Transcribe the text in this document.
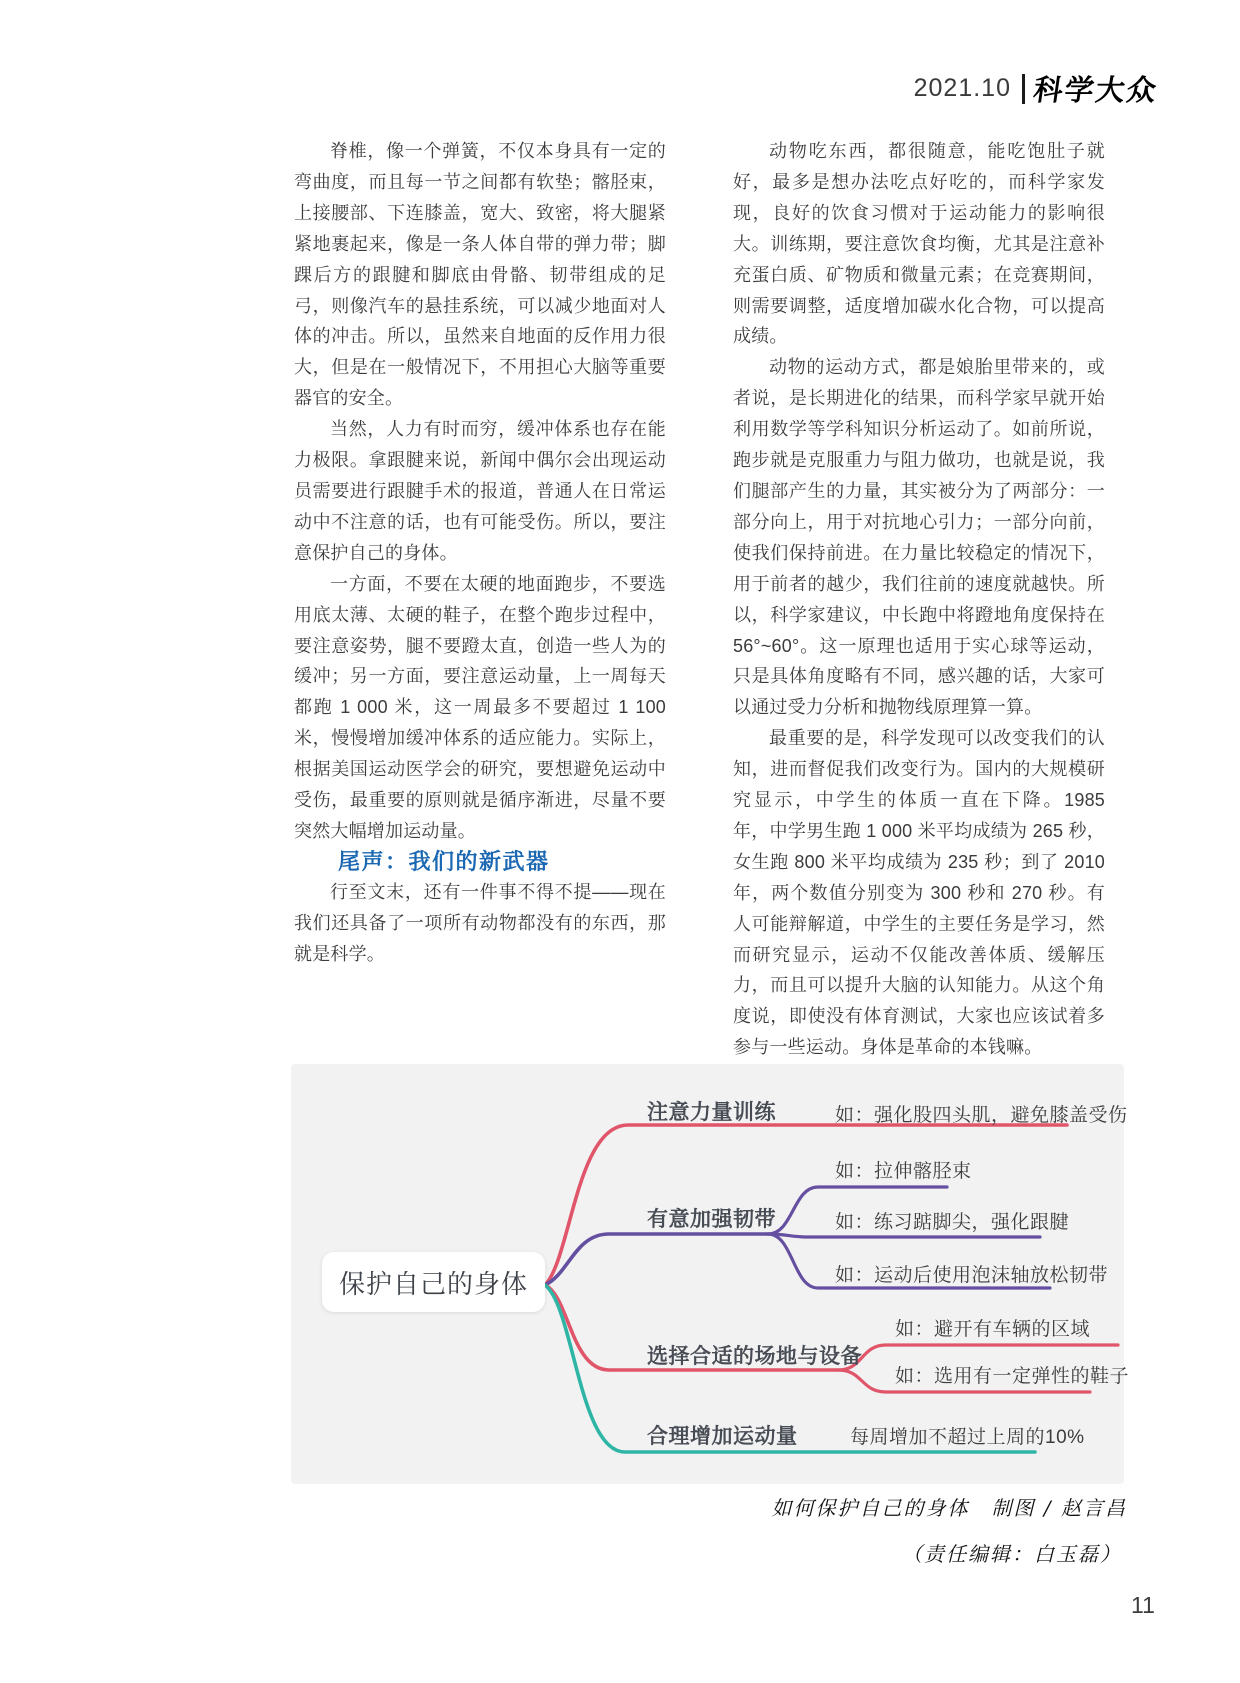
2021.10 科学大众

脊椎，像一个弹簧，不仅本身具有一定的弯曲度，而且每一节之间都有软垫；髂胫束，上接腰部、下连膝盖，宽大、致密，将大腿紧紧地裹起来，像是一条人体自带的弹力带；脚踝后方的跟腱和脚底由骨骼、韧带组成的足弓，则像汽车的悬挂系统，可以减少地面对人体的冲击。所以，虽然来自地面的反作用力很大，但是在一般情况下，不用担心大脑等重要器官的安全。

当然，人力有时而穷，缓冲体系也存在能力极限。拿跟腱来说，新闻中偶尔会出现运动员需要进行跟腱手术的报道，普通人在日常运动中不注意的话，也有可能受伤。所以，要注意保护自己的身体。

一方面，不要在太硬的地面跑步，不要选用底太薄、太硬的鞋子，在整个跑步过程中，要注意姿势，腿不要蹬太直，创造一些人为的缓冲；另一方面，要注意运动量，上一周每天都跑 1 000 米，这一周最多不要超过 1 100 米，慢慢增加缓冲体系的适应能力。实际上，根据美国运动医学会的研究，要想避免运动中受伤，最重要的原则就是循序渐进，尽量不要突然大幅增加运动量。

尾声：我们的新武器

行至文末，还有一件事不得不提——现在我们还具备了一项所有动物都没有的东西，那就是科学。

动物吃东西，都很随意，能吃饱肚子就好，最多是想办法吃点好吃的，而科学家发现，良好的饮食习惯对于运动能力的影响很大。训练期，要注意饮食均衡，尤其是注意补充蛋白质、矿物质和微量元素；在竞赛期间，则需要调整，适度增加碳水化合物，可以提高成绩。

动物的运动方式，都是娘胎里带来的，或者说，是长期进化的结果，而科学家早就开始利用数学等学科知识分析运动了。如前所说，跑步就是克服重力与阻力做功，也就是说，我们腿部产生的力量，其实被分为了两部分：一部分向上，用于对抗地心引力；一部分向前，使我们保持前进。在力量比较稳定的情况下，用于前者的越少，我们往前的速度就越快。所以，科学家建议，中长跑中将蹬地角度保持在56°~60°。这一原理也适用于实心球等运动，只是具体角度略有不同，感兴趣的话，大家可以通过受力分析和抛物线原理算一算。

最重要的是，科学发现可以改变我们的认知，进而督促我们改变行为。国内的大规模研究显示，中学生的体质一直在下降。1985 年，中学男生跑 1 000 米平均成绩为 265 秒，女生跑 800 米平均成绩为 235 秒；到了 2010 年，两个数值分别变为 300 秒和 270 秒。有人可能辩解道，中学生的主要任务是学习，然而研究显示，运动不仅能改善体质、缓解压力，而且可以提升大脑的认知能力。从这个角度说，即使没有体育测试，大家也应该试着多参与一些运动。身体是革命的本钱嘛。

保护自己的身体
注意力量训练	如：强化股四头肌，避免膝盖受伤
如：拉伸髂胫束
有意加强韧带	如：练习踮脚尖，强化跟腱
如：运动后使用泡沫轴放松韧带
如：避开有车辆的区域
选择合适的场地与设备
如：选用有一定弹性的鞋子
合理增加运动量	每周增加不超过上周的10%
如何保护自己的身体　制图 / 赵言昌
（责任编辑：白玉磊）
11
